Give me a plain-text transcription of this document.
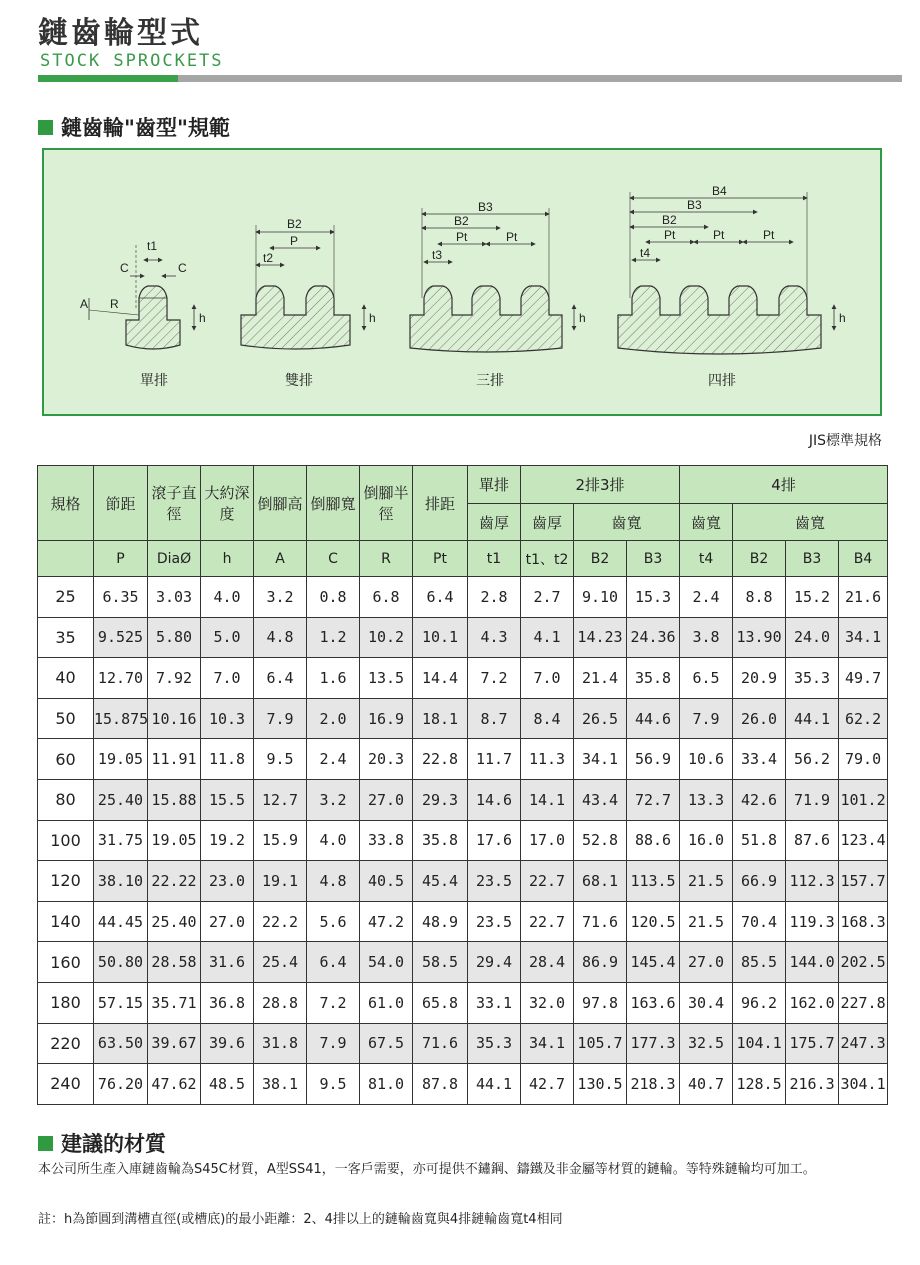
鏈齒輪型式
STOCK SPROCKETS
鏈齒輪"齒型"規範
t1
C	C
A R
h
單排
B2
P
t2
h
雙排
B3
B2
Pt	Pt
t3
h
三排
B4
B3
B2
Pt	Pt	Pt
t4
h
四排
JIS標準規格
規格	節距	滾子直徑	大約深度	倒腳高	倒腳寬	倒腳半徑	排距	單排	2排3排			4排			
								齒厚	齒厚	齒寬		齒寬	齒寬		
	P	DiaØ	h	A	C	R	Pt	t1	t1、t2	B2	B3	t4	B2	B3	B4
25	6.35	3.03	4.0	3.2	0.8	6.8	6.4	2.8	2.7	9.10	15.3	2.4	8.8	15.2	21.6
35	9.525	5.80	5.0	4.8	1.2	10.2	10.1	4.3	4.1	14.23	24.36	3.8	13.90	24.0	34.1
40	12.70	7.92	7.0	6.4	1.6	13.5	14.4	7.2	7.0	21.4	35.8	6.5	20.9	35.3	49.7
50	15.875	10.16	10.3	7.9	2.0	16.9	18.1	8.7	8.4	26.5	44.6	7.9	26.0	44.1	62.2
60	19.05	11.91	11.8	9.5	2.4	20.3	22.8	11.7	11.3	34.1	56.9	10.6	33.4	56.2	79.0
80	25.40	15.88	15.5	12.7	3.2	27.0	29.3	14.6	14.1	43.4	72.7	13.3	42.6	71.9	101.2
100	31.75	19.05	19.2	15.9	4.0	33.8	35.8	17.6	17.0	52.8	88.6	16.0	51.8	87.6	123.4
120	38.10	22.22	23.0	19.1	4.8	40.5	45.4	23.5	22.7	68.1	113.5	21.5	66.9	112.3	157.7
140	44.45	25.40	27.0	22.2	5.6	47.2	48.9	23.5	22.7	71.6	120.5	21.5	70.4	119.3	168.3
160	50.80	28.58	31.6	25.4	6.4	54.0	58.5	29.4	28.4	86.9	145.4	27.0	85.5	144.0	202.5
180	57.15	35.71	36.8	28.8	7.2	61.0	65.8	33.1	32.0	97.8	163.6	30.4	96.2	162.0	227.8
220	63.50	39.67	39.6	31.8	7.9	67.5	71.6	35.3	34.1	105.7	177.3	32.5	104.1	175.7	247.3
240	76.20	47.62	48.5	38.1	9.5	81.0	87.8	44.1	42.7	130.5	218.3	40.7	128.5	216.3	304.1
建議的材質
本公司所生產入庫鏈齒輪為S45C材質，A型SS41，一客戶需要，亦可提供不鏽鋼、鑄鐵及非金屬等材質的鏈輪。等特殊鏈輪均可加工。
註：h為節圓到溝槽直徑(或槽底)的最小距離：2、4排以上的鏈輪齒寬與4排鏈輪齒寬t4相同
